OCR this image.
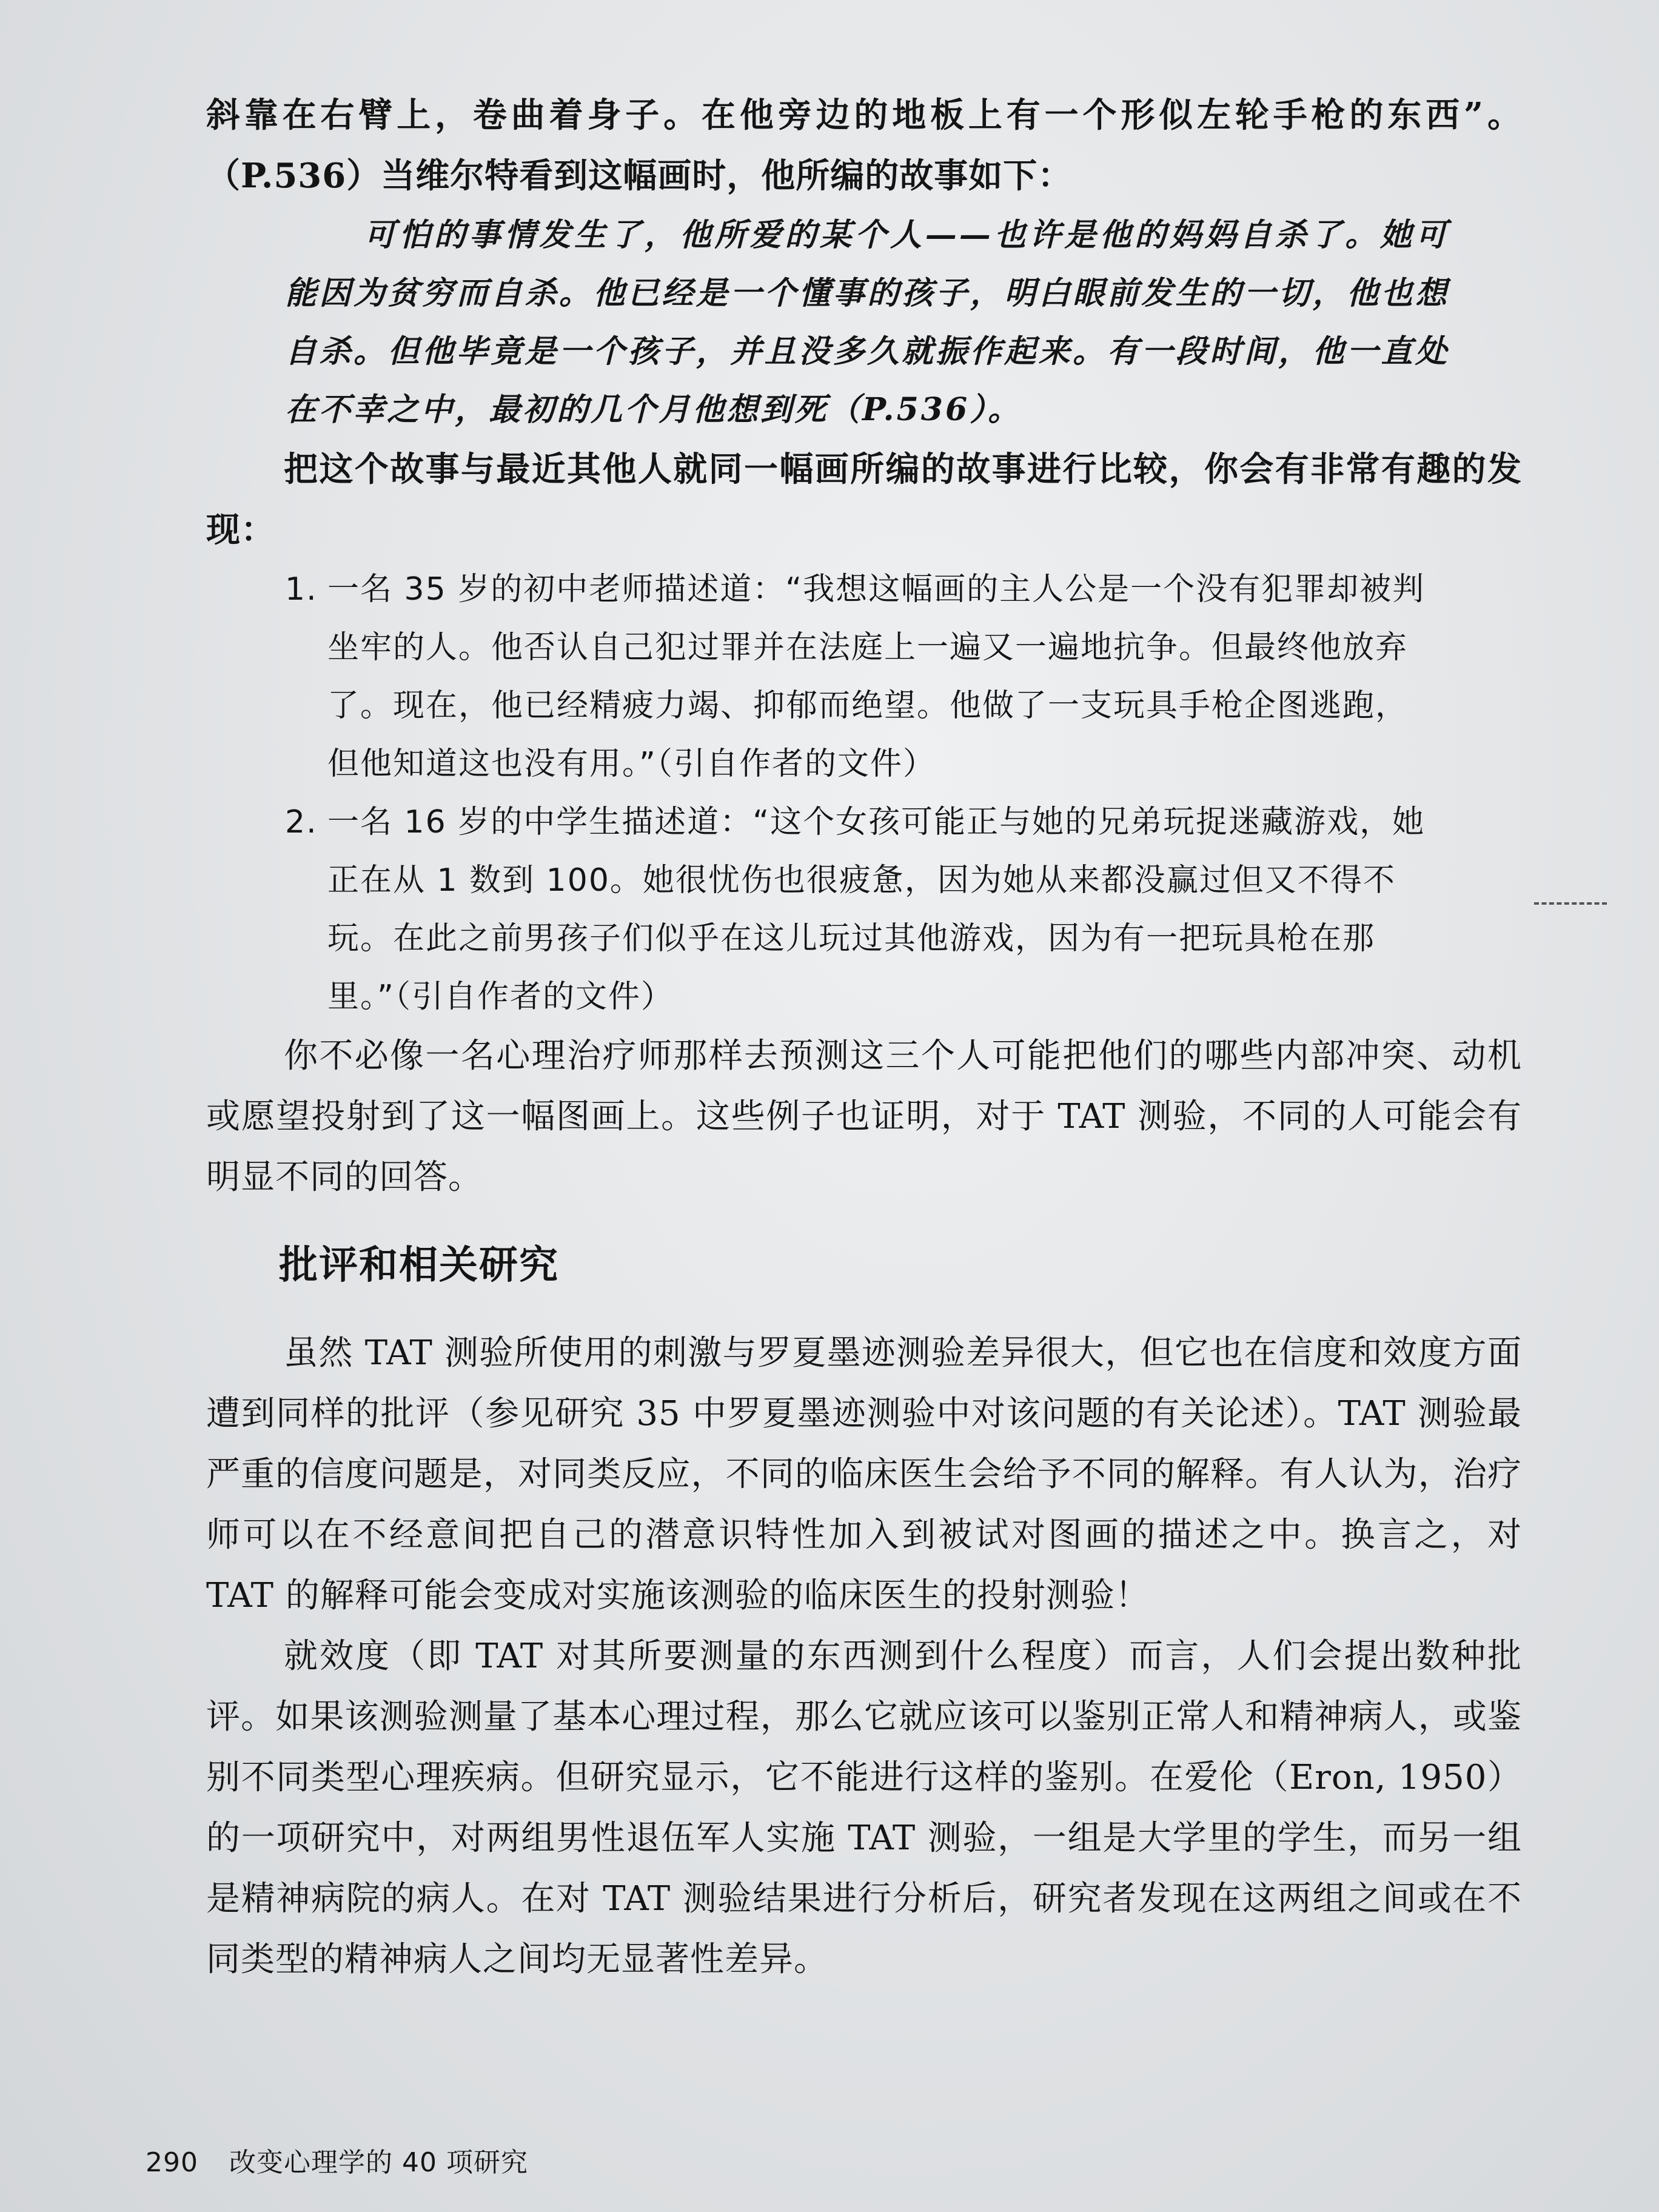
斜靠在右臂上，卷曲着身子。在他旁边的地板上有一个形似左轮手枪的东西”。（P.536）当维尔特看到这幅画时，他所编的故事如下：

可怕的事情发生了，他所爱的某个人——也许是他的妈妈自杀了。她可能因为贫穷而自杀。他已经是一个懂事的孩子，明白眼前发生的一切，他也想自杀。但他毕竟是一个孩子，并且没多久就振作起来。有一段时间，他一直处在不幸之中，最初的几个月他想到死（P.536）。

把这个故事与最近其他人就同一幅画所编的故事进行比较，你会有非常有趣的发现：

1. 一名 35 岁的初中老师描述道：“我想这幅画的主人公是一个没有犯罪却被判坐牢的人。他否认自己犯过罪并在法庭上一遍又一遍地抗争。但最终他放弃了。现在，他已经精疲力竭、抑郁而绝望。他做了一支玩具手枪企图逃跑，但他知道这也没有用。”（引自作者的文件）
2. 一名 16 岁的中学生描述道：“这个女孩可能正与她的兄弟玩捉迷藏游戏，她正在从 1 数到 100。她很忧伤也很疲惫，因为她从来都没赢过但又不得不玩。在此之前男孩子们似乎在这儿玩过其他游戏，因为有一把玩具枪在那里。”（引自作者的文件）

你不必像一名心理治疗师那样去预测这三个人可能把他们的哪些内部冲突、动机或愿望投射到了这一幅图画上。这些例子也证明，对于 TAT 测验，不同的人可能会有明显不同的回答。

批评和相关研究

虽然 TAT 测验所使用的刺激与罗夏墨迹测验差异很大，但它也在信度和效度方面遭到同样的批评（参见研究 35 中罗夏墨迹测验中对该问题的有关论述）。TAT 测验最严重的信度问题是，对同类反应，不同的临床医生会给予不同的解释。有人认为，治疗师可以在不经意间把自己的潜意识特性加入到被试对图画的描述之中。换言之，对 TAT 的解释可能会变成对实施该测验的临床医生的投射测验！

就效度（即 TAT 对其所要测量的东西测到什么程度）而言，人们会提出数种批评。如果该测验测量了基本心理过程，那么它就应该可以鉴别正常人和精神病人，或鉴别不同类型心理疾病。但研究显示，它不能进行这样的鉴别。在爱伦（Eron, 1950）的一项研究中，对两组男性退伍军人实施 TAT 测验，一组是大学里的学生，而另一组是精神病院的病人。在对 TAT 测验结果进行分析后，研究者发现在这两组之间或在不同类型的精神病人之间均无显著性差异。

290 改变心理学的 40 项研究
